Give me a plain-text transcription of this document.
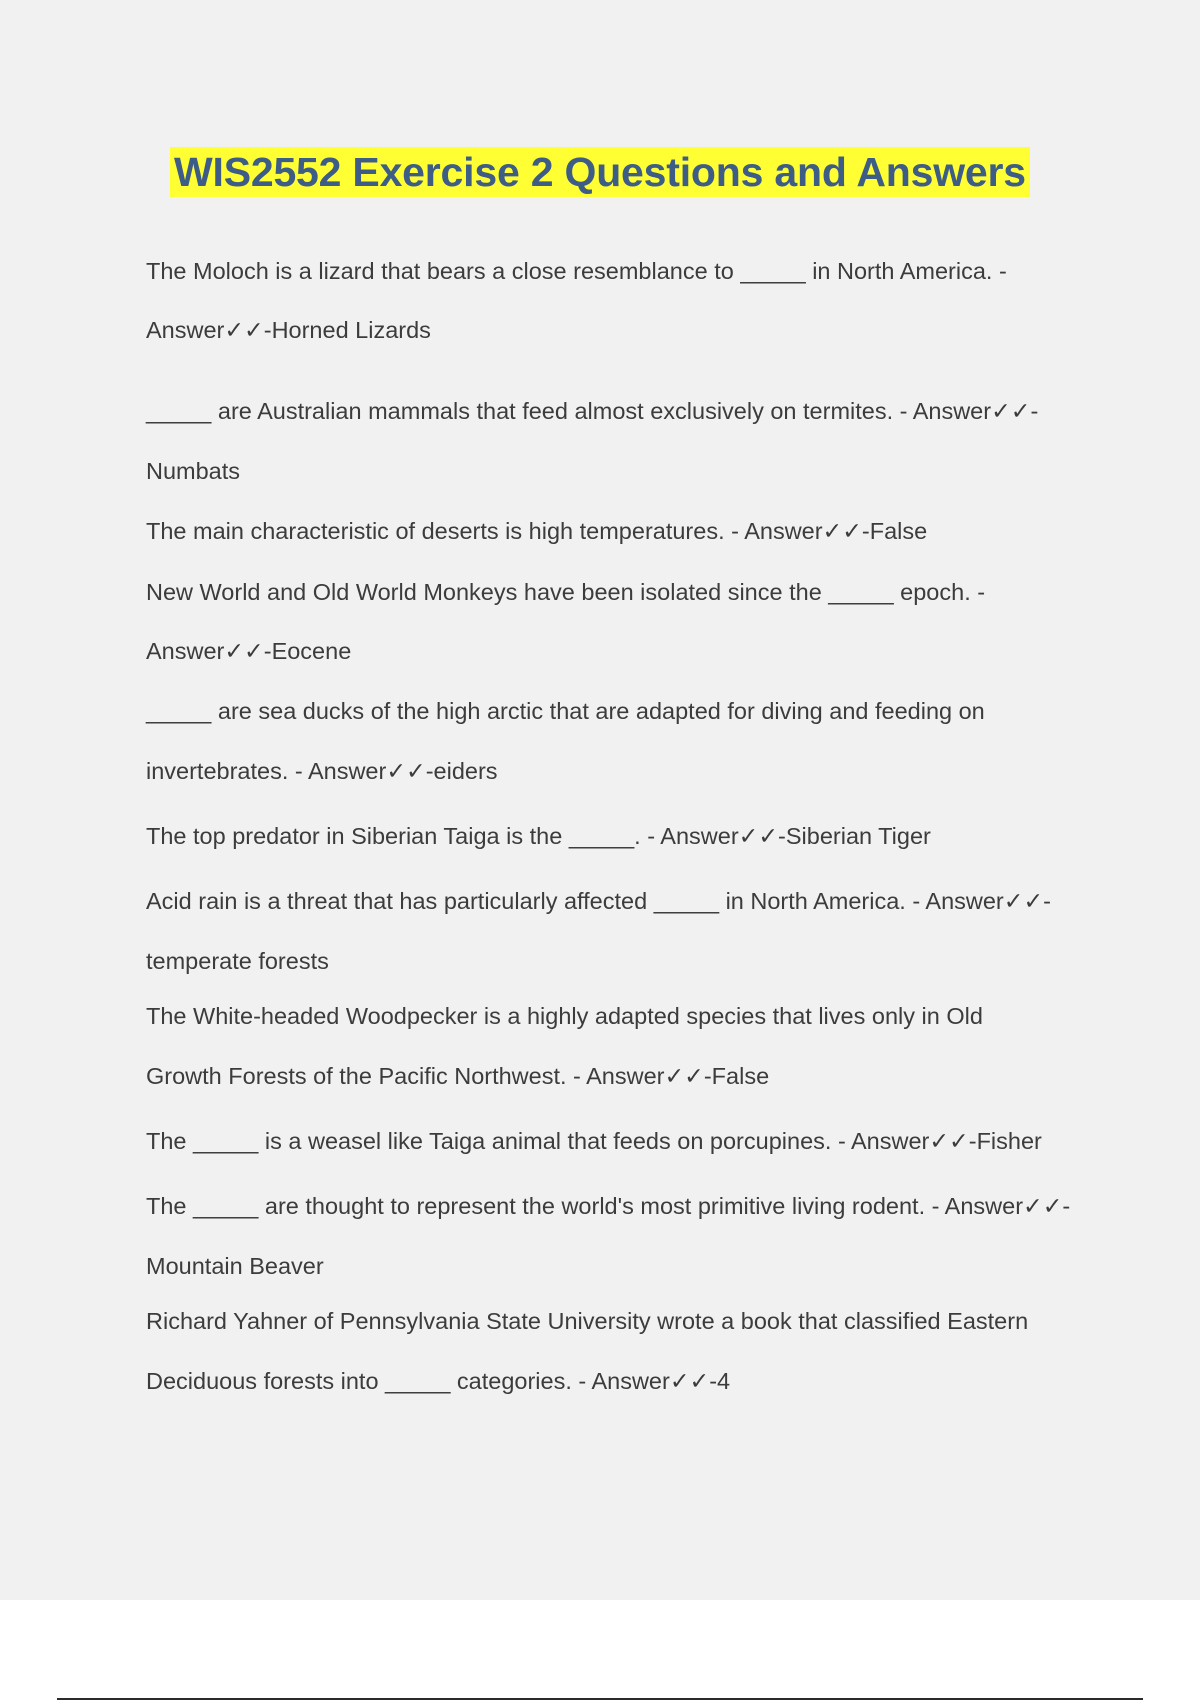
WIS2552 Exercise 2 Questions and Answers
The Moloch is a lizard that bears a close resemblance to _____ in North America. -
Answer✓✓-Horned Lizards
_____ are Australian mammals that feed almost exclusively on termites. - Answer✓✓-
Numbats
The main characteristic of deserts is high temperatures. - Answer✓✓-False
New World and Old World Monkeys have been isolated since the _____ epoch. -
Answer✓✓-Eocene
_____ are sea ducks of the high arctic that are adapted for diving and feeding on
invertebrates. - Answer✓✓-eiders
The top predator in Siberian Taiga is the _____. - Answer✓✓-Siberian Tiger
Acid rain is a threat that has particularly affected _____ in North America. - Answer✓✓-
temperate forests
The White-headed Woodpecker is a highly adapted species that lives only in Old
Growth Forests of the Pacific Northwest. - Answer✓✓-False
The _____ is a weasel like Taiga animal that feeds on porcupines. - Answer✓✓-Fisher
The _____ are thought to represent the world's most primitive living rodent. - Answer✓✓-
Mountain Beaver
Richard Yahner of Pennsylvania State University wrote a book that classified Eastern
Deciduous forests into _____ categories. - Answer✓✓-4
